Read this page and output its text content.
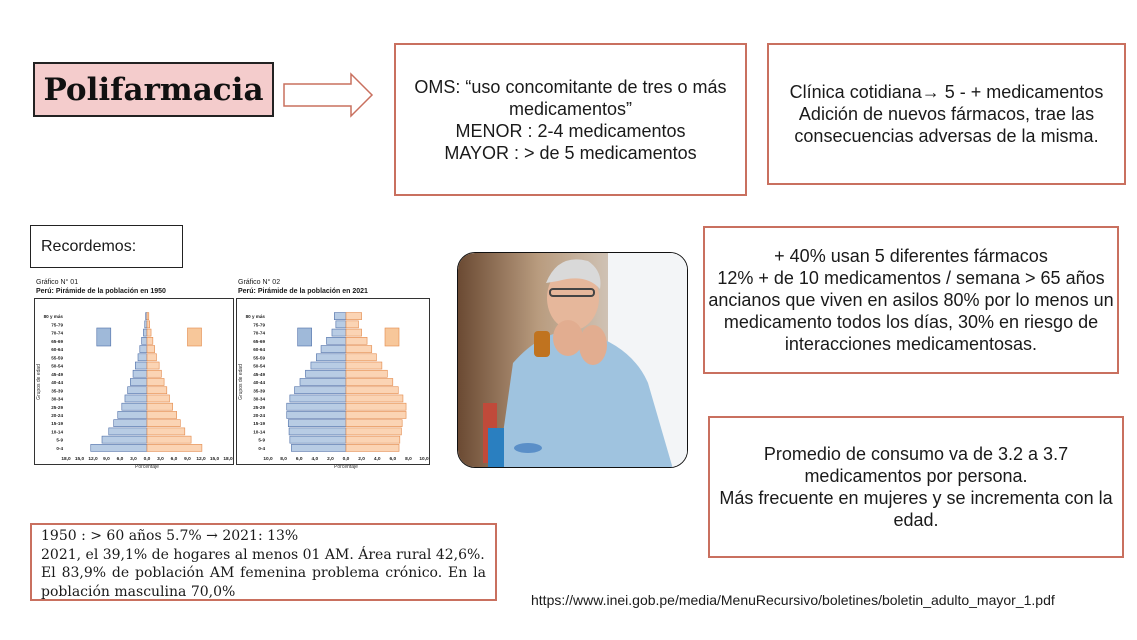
Polifarmacia	OMS: “uso concomitante de tres o más
medicamentos”
MENOR : 2-4 medicamentos
MAYOR : > de 5 medicamentos
Clínica cotidiana→ 5 - + medicamentos
Adición de nuevos fármacos, trae las
consecuencias adversas de la misma.
Recordemos:
Gráfico N° 01
Perú: Pirámide de la población en 1950
Grupos de edad
80 y más
75-79
70-74
65-69
60-64
55-59
50-54
45-49
40-44
35-39
30-34
25-29
20-24
15-19
10-14
5-9
0-4
18,0 15,0 12,0 9,0 6,0 3,0 0,0 3,0 6,0 9,0 12,0 15,0 18,0
Porcentaje
Gráfico N° 02
Perú: Pirámide de la población en 2021
Grupos de edad
80 y más
75-79
70-74
65-69
60-64
55-59
50-54
45-49
40-44
35-39
30-34
25-29
20-24
15-19
10-14
5-9
0-4
10,0 8,0 6,0 4,0 2,0 0,0 2,0 4,0 6,0 8,0 10,0
Porcentaje
+ 40% usan 5 diferentes fármacos
12% + de 10 medicamentos / semana > 65 años
ancianos que viven en asilos 80% por lo menos un
medicamento todos los días, 30% en riesgo de
interacciones medicamentosas.
Promedio de consumo va de 3.2 a 3.7
medicamentos por persona.
Más frecuente en mujeres y se incrementa con la
edad.
1950 : > 60 años 5.7% → 2021: 13%
2021, el 39,1% de hogares al menos 01 AM. Área rural 42,6%.
El 83,9% de población AM femenina problema crónico. En la población masculina 70,0%
https://www.inei.gob.pe/media/MenuRecursivo/boletines/boletin_adulto_mayor_1.pdf
